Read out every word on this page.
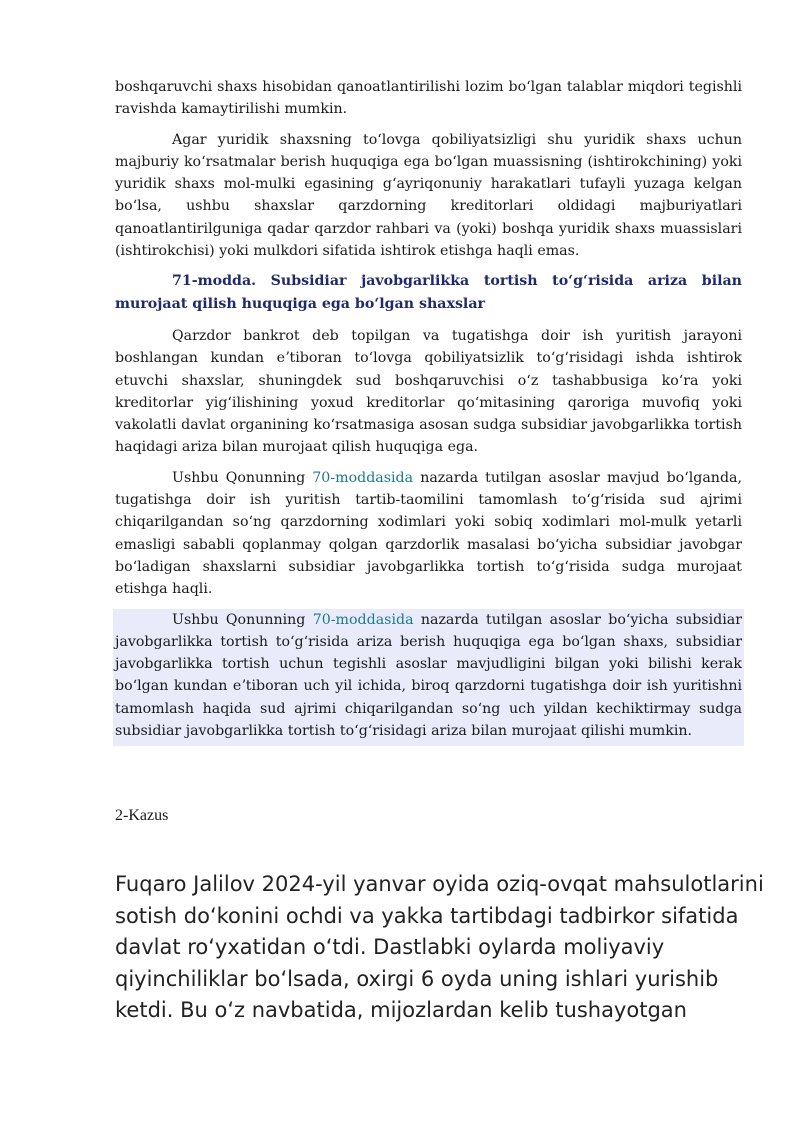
boshqaruvchi shaxs hisobidan qanoatlantirilishi lozim boʻlgan talablar miqdori tegishli ravishda kamaytirilishi mumkin.

Agar yuridik shaxsning toʻlovga qobiliyatsizligi shu yuridik shaxs uchun majburiy koʻrsatmalar berish huquqiga ega boʻlgan muassisning (ishtirokchining) yoki yuridik shaxs mol-mulki egasining gʻayriqonuniy harakatlari tufayli yuzaga kelgan boʻlsa, ushbu shaxslar qarzdorning kreditorlari oldidagi majburiyatlari qanoatlantirilguniga qadar qarzdor rahbari va (yoki) boshqa yuridik shaxs muassislari (ishtirokchisi) yoki mulkdori sifatida ishtirok etishga haqli emas.

71-modda. Subsidiar javobgarlikka tortish toʻgʻrisida ariza bilan murojaat qilish huquqiga ega boʻlgan shaxslar

Qarzdor bankrot deb topilgan va tugatishga doir ish yuritish jarayoni boshlangan kundan eʼtiboran toʻlovga qobiliyatsizlik toʻgʻrisidagi ishda ishtirok etuvchi shaxslar, shuningdek sud boshqaruvchisi oʻz tashabbusiga koʻra yoki kreditorlar yigʻilishining yoxud kreditorlar qoʻmitasining qaroriga muvofiq yoki vakolatli davlat organining koʻrsatmasiga asosan sudga subsidiar javobgarlikka tortish haqidagi ariza bilan murojaat qilish huquqiga ega.

Ushbu Qonunning 70-moddasida nazarda tutilgan asoslar mavjud boʻlganda, tugatishga doir ish yuritish tartib-taomilini tamomlash toʻgʻrisida sud ajrimi chiqarilgandan soʻng qarzdorning xodimlari yoki sobiq xodimlari mol-mulk yetarli emasligi sababli qoplanmay qolgan qarzdorlik masalasi boʻyicha subsidiar javobgar boʻladigan shaxslarni subsidiar javobgarlikka tortish toʻgʻrisida sudga murojaat etishga haqli.

Ushbu Qonunning 70-moddasida nazarda tutilgan asoslar boʻyicha subsidiar javobgarlikka tortish toʻgʻrisida ariza berish huquqiga ega boʻlgan shaxs, subsidiar javobgarlikka tortish uchun tegishli asoslar mavjudligini bilgan yoki bilishi kerak boʻlgan kundan eʼtiboran uch yil ichida, biroq qarzdorni tugatishga doir ish yuritishni tamomlash haqida sud ajrimi chiqarilgandan soʻng uch yildan kechiktirmay sudga subsidiar javobgarlikka tortish toʻgʻrisidagi ariza bilan murojaat qilishi mumkin.

2-Kazus
Fuqaro Jalilov 2024-yil yanvar oyida oziq-ovqat mahsulotlarini
sotish doʻkonini ochdi va yakka tartibdagi tadbirkor sifatida
davlat roʻyxatidan oʻtdi. Dastlabki oylarda moliyaviy
qiyinchiliklar boʻlsada, oxirgi 6 oyda uning ishlari yurishib
ketdi. Bu oʻz navbatida, mijozlardan kelib tushayotgan
